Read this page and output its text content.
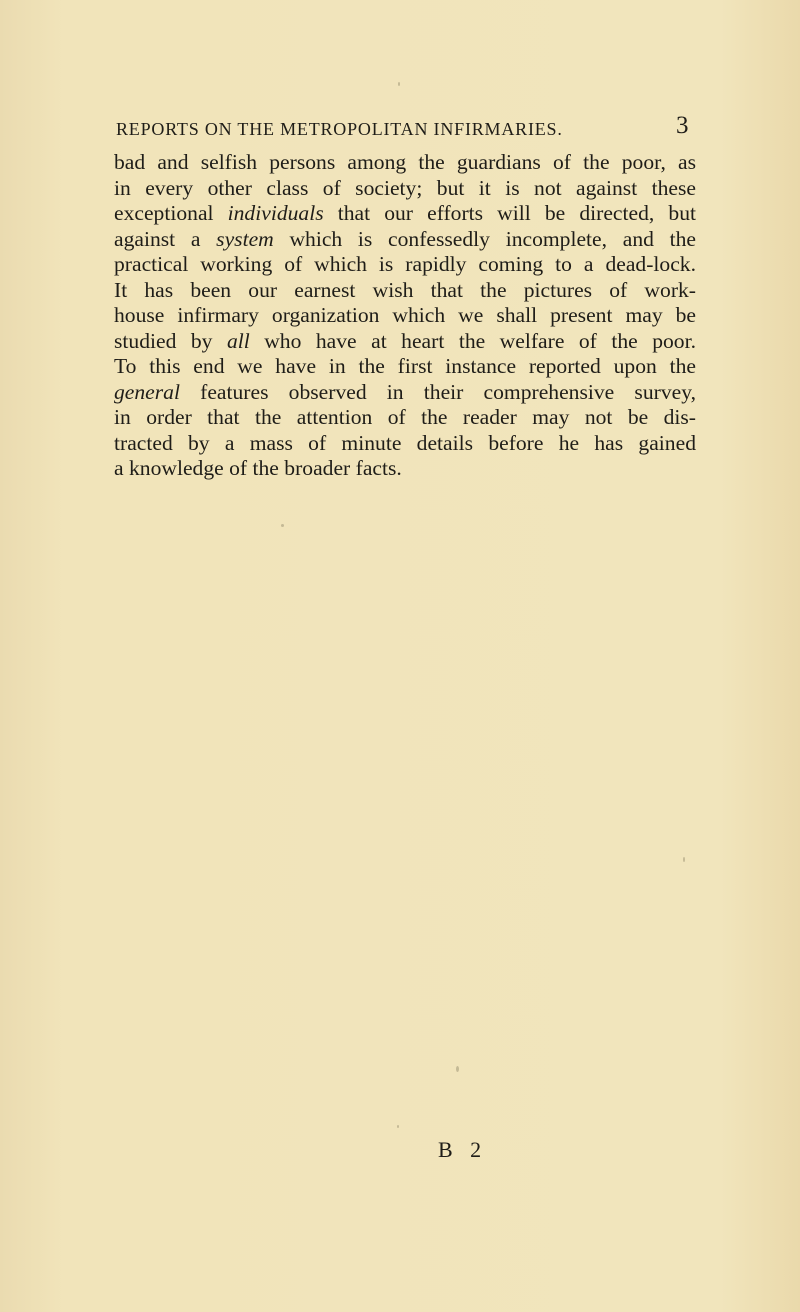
REPORTS ON THE METROPOLITAN INFIRMARIES.	3
bad and selfish persons among the guardians of the poor, as
in every other class of society; but it is not against these
exceptional individuals that our efforts will be directed, but
against a system which is confessedly incomplete, and the
practical working of which is rapidly coming to a dead-lock.
It has been our earnest wish that the pictures of work-
house infirmary organization which we shall present may be
studied by all who have at heart the welfare of the poor.
To this end we have in the first instance reported upon the
general features observed in their comprehensive survey,
in order that the attention of the reader may not be dis-
tracted by a mass of minute details before he has gained
a knowledge of the broader facts.
B 2
